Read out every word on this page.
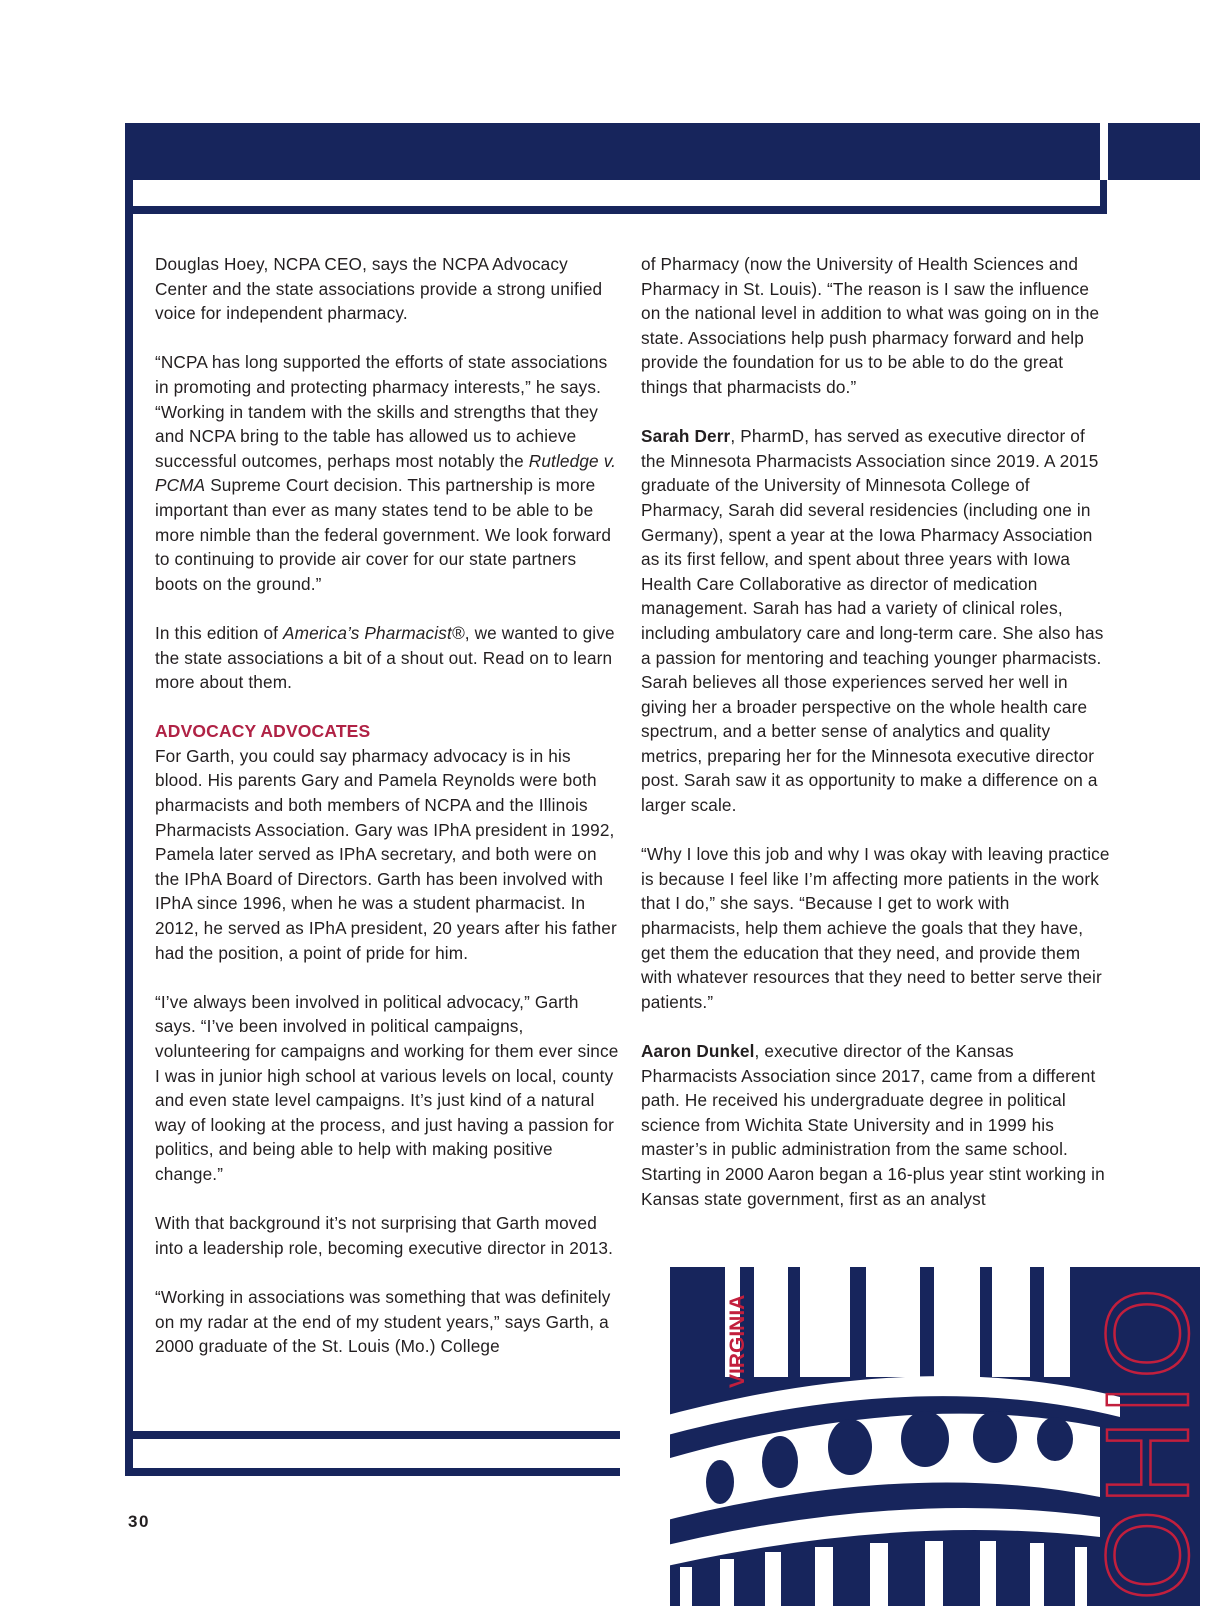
Douglas Hoey, NCPA CEO, says the NCPA Advocacy Center and the state associations provide a strong unified voice for independent pharmacy.

“NCPA has long supported the efforts of state associations in promoting and protecting pharmacy interests,” he says. “Working in tandem with the skills and strengths that they and NCPA bring to the table has allowed us to achieve successful outcomes, perhaps most notably the Rutledge v. PCMA Supreme Court decision. This partnership is more important than ever as many states tend to be able to be more nimble than the federal government. We look forward to continuing to provide air cover for our state partners boots on the ground.”

In this edition of America’s Pharmacist®, we wanted to give the state associations a bit of a shout out. Read on to learn more about them.

ADVOCACY ADVOCATES

For Garth, you could say pharmacy advocacy is in his blood. His parents Gary and Pamela Reynolds were both pharmacists and both members of NCPA and the Illinois Pharmacists Association. Gary was IPhA president in 1992, Pamela later served as IPhA secretary, and both were on the IPhA Board of Directors. Garth has been involved with IPhA since 1996, when he was a student pharmacist. In 2012, he served as IPhA president, 20 years after his father had the position, a point of pride for him.

“I’ve always been involved in political advocacy,” Garth says. “I’ve been involved in political campaigns, volunteering for campaigns and working for them ever since I was in junior high school at various levels on local, county and even state level campaigns. It’s just kind of a natural way of looking at the process, and just having a passion for politics, and being able to help with making positive change.”

With that background it’s not surprising that Garth moved into a leadership role, becoming executive director in 2013.

“Working in associations was something that was definitely on my radar at the end of my student years,” says Garth, a 2000 graduate of the St. Louis (Mo.) College

of Pharmacy (now the University of Health Sciences and Pharmacy in St. Louis). “The reason is I saw the influence on the national level in addition to what was going on in the state. Associations help push pharmacy forward and help provide the foundation for us to be able to do the great things that pharmacists do.”

Sarah Derr, PharmD, has served as executive director of the Minnesota Pharmacists Association since 2019. A 2015 graduate of the University of Minnesota College of Pharmacy, Sarah did several residencies (including one in Germany), spent a year at the Iowa Pharmacy Association as its first fellow, and spent about three years with Iowa Health Care Collaborative as director of medication management. Sarah has had a variety of clinical roles, including ambulatory care and long-term care. She also has a passion for mentoring and teaching younger pharmacists. Sarah believes all those experiences served her well in giving her a broader perspective on the whole health care spectrum, and a better sense of analytics and quality metrics, preparing her for the Minnesota executive director post. Sarah saw it as opportunity to make a difference on a larger scale.

“Why I love this job and why I was okay with leaving practice is because I feel like I’m affecting more patients in the work that I do,” she says. “Because I get to work with pharmacists, help them achieve the goals that they have, get them the education that they need, and provide them with whatever resources that they need to better serve their patients.”

Aaron Dunkel, executive director of the Kansas Pharmacists Association since 2017, came from a different path. He received his undergraduate degree in political science from Wichita State University and in 1999 his master’s in public administration from the same school. Starting in 2000 Aaron began a 16-plus year stint working in Kansas state government, first as an analyst

VIRGINIA	OHIO
30
